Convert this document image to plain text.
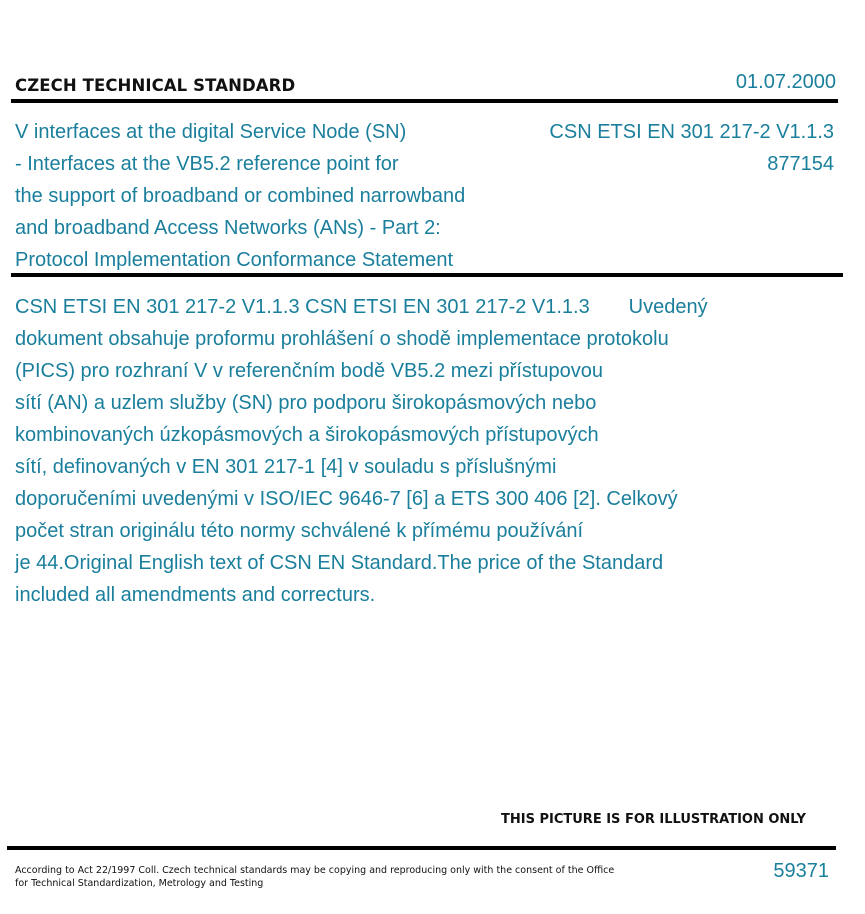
CZECH TECHNICAL STANDARD	01.07.2000
V interfaces at the digital Service Node (SN)
- Interfaces at the VB5.2 reference point for
the support of broadband or combined narrowband
and broadband Access Networks (ANs) - Part 2:
Protocol Implementation Conformance Statement
CSN ETSI EN 301 217-2 V1.1.3
877154
CSN ETSI EN 301 217-2 V1.1.3 CSN ETSI EN 301 217-2 V1.1.3       Uvedený
dokument obsahuje proformu prohlášení o shodě implementace protokolu
(PICS) pro rozhraní V v referenčním bodě VB5.2 mezi přístupovou
sítí (AN) a uzlem služby (SN) pro podporu širokopásmových nebo
kombinovaných úzkopásmových a širokopásmových přístupových
sítí, definovaných v EN 301 217-1 [4] v souladu s příslušnými
doporučeními uvedenými v ISO/IEC 9646-7 [6] a ETS 300 406 [2]. Celkový
počet stran originálu této normy schválené k přímému používání
je 44.Original English text of CSN EN Standard.The price of the Standard
included all amendments and correcturs.
THIS PICTURE IS FOR ILLUSTRATION ONLY
According to Act 22/1997 Coll. Czech technical standards may be copying and reproducing only with the consent of the Office
for Technical Standardization, Metrology and Testing
59371
